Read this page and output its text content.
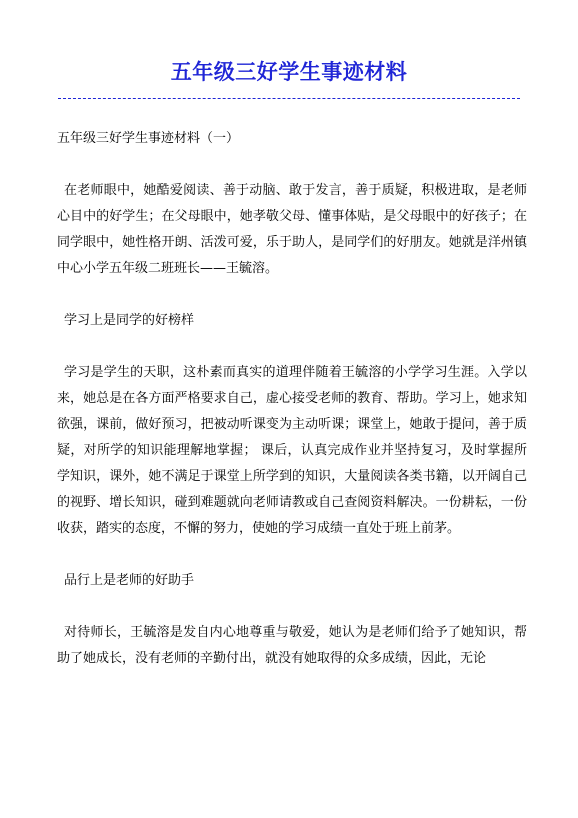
五年级三好学生事迹材料

五年级三好学生事迹材料（一）

在老师眼中，她酷爱阅读、善于动脑、敢于发言，善于质疑，积极进取，是老师心目中的好学生；在父母眼中，她孝敬父母、懂事体贴，是父母眼中的好孩子；在同学眼中，她性格开朗、活泼可爱，乐于助人，是同学们的好朋友。她就是洋州镇中心小学五年级二班班长——王毓溶。

学习上是同学的好榜样

学习是学生的天职，这朴素而真实的道理伴随着王毓溶的小学学习生涯。入学以来，她总是在各方面严格要求自己，虚心接受老师的教育、帮助。学习上，她求知欲强，课前，做好预习，把被动听课变为主动听课；课堂上，她敢于提问，善于质疑，对所学的知识能理解地掌握； 课后，认真完成作业并坚持复习，及时掌握所学知识，课外，她不满足于课堂上所学到的知识，大量阅读各类书籍，以开阔自己的视野、增长知识，碰到难题就向老师请教或自己查阅资料解决。一份耕耘，一份收获，踏实的态度，不懈的努力，使她的学习成绩一直处于班上前茅。

品行上是老师的好助手

对待师长，王毓溶是发自内心地尊重与敬爱，她认为是老师们给予了她知识，帮助了她成长，没有老师的辛勤付出，就没有她取得的众多成绩，因此，无论
